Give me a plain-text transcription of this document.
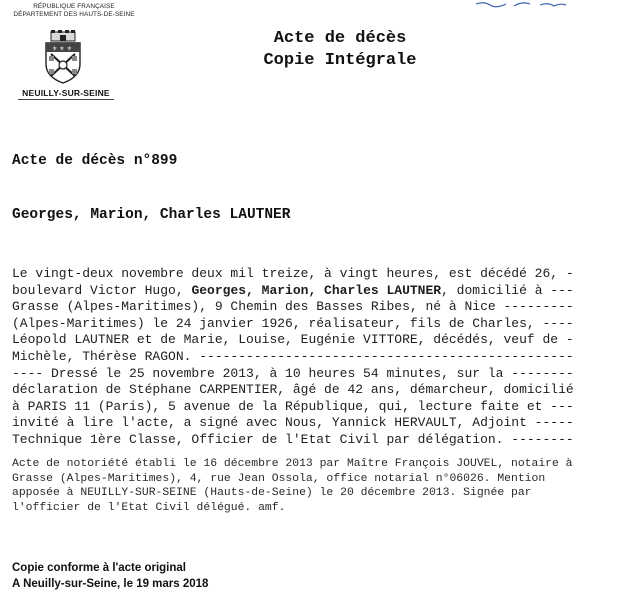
RÉPUBLIQUE FRANÇAISE
DÉPARTEMENT DES HAUTS-DE-SEINE
⚜ ⚜ ⚜
NEUILLY-SUR-SEINE
Acte de décès
Copie Intégrale
Acte de décès n°899
Georges, Marion, Charles LAUTNER
Le vingt-deux novembre deux mil treize, à vingt heures, est décédé 26, -
boulevard Victor Hugo, Georges, Marion, Charles LAUTNER, domicilié à ---
Grasse (Alpes-Maritimes), 9 Chemin des Basses Ribes, né à Nice ---------
(Alpes-Maritimes) le 24 janvier 1926, réalisateur, fils de Charles, ----
Léopold LAUTNER et de Marie, Louise, Eugénie VITTORE, décédés, veuf de -
Michèle, Thérèse RAGON. ------------------------------------------------
---- Dressé le 25 novembre 2013, à 10 heures 54 minutes, sur la --------
déclaration de Stéphane CARPENTIER, âgé de 42 ans, démarcheur, domicilié
à PARIS 11 (Paris), 5 avenue de la République, qui, lecture faite et ---
invité à lire l'acte, a signé avec Nous, Yannick HERVAULT, Adjoint -----
Technique 1ère Classe, Officier de l'Etat Civil par délégation. --------
Acte de notoriété établi le 16 décembre 2013 par Maître François JOUVEL, notaire à
Grasse (Alpes-Maritimes), 4, rue Jean Ossola, office notarial n°06026. Mention
apposée à NEUILLY-SUR-SEINE (Hauts-de-Seine) le 20 décembre 2013. Signée par
l'officier de l'Etat Civil délégué. amf.
Copie conforme à l'acte original
A Neuilly-sur-Seine, le 19 mars 2018
